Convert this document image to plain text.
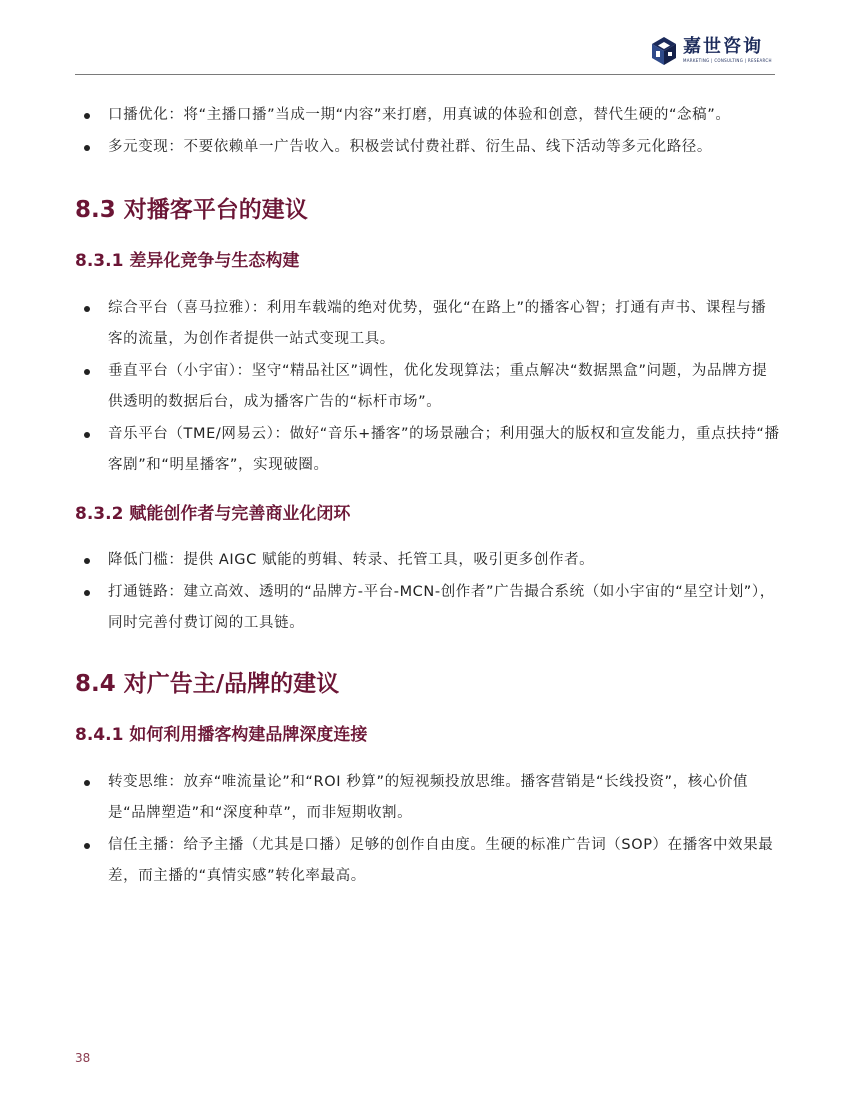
嘉世咨询
MARKETING | CONSULTING | RESEARCH
口播优化：将“主播口播”当成一期“内容”来打磨，用真诚的体验和创意，替代生硬的“念稿”。
多元变现：不要依赖单一广告收入。积极尝试付费社群、衍生品、线下活动等多元化路径。
8.3 对播客平台的建议
8.3.1 差异化竞争与生态构建
综合平台（喜马拉雅）：利用车载端的绝对优势，强化“在路上”的播客心智；打通有声书、课程与播客的流量，为创作者提供一站式变现工具。
垂直平台（小宇宙）：坚守“精品社区”调性，优化发现算法；重点解决“数据黑盒”问题，为品牌方提供透明的数据后台，成为播客广告的“标杆市场”。
音乐平台（TME/网易云）：做好“音乐+播客”的场景融合；利用强大的版权和宣发能力，重点扶持“播客剧”和“明星播客”，实现破圈。
8.3.2 赋能创作者与完善商业化闭环
降低门槛：提供 AIGC 赋能的剪辑、转录、托管工具，吸引更多创作者。
打通链路：建立高效、透明的“品牌方-平台-MCN-创作者”广告撮合系统（如小宇宙的“星空计划”），同时完善付费订阅的工具链。
8.4 对广告主/品牌的建议
8.4.1 如何利用播客构建品牌深度连接
转变思维：放弃“唯流量论”和“ROI 秒算”的短视频投放思维。播客营销是“长线投资”，核心价值是“品牌塑造”和“深度种草”，而非短期收割。
信任主播：给予主播（尤其是口播）足够的创作自由度。生硬的标准广告词（SOP）在播客中效果最差，而主播的“真情实感”转化率最高。
38
